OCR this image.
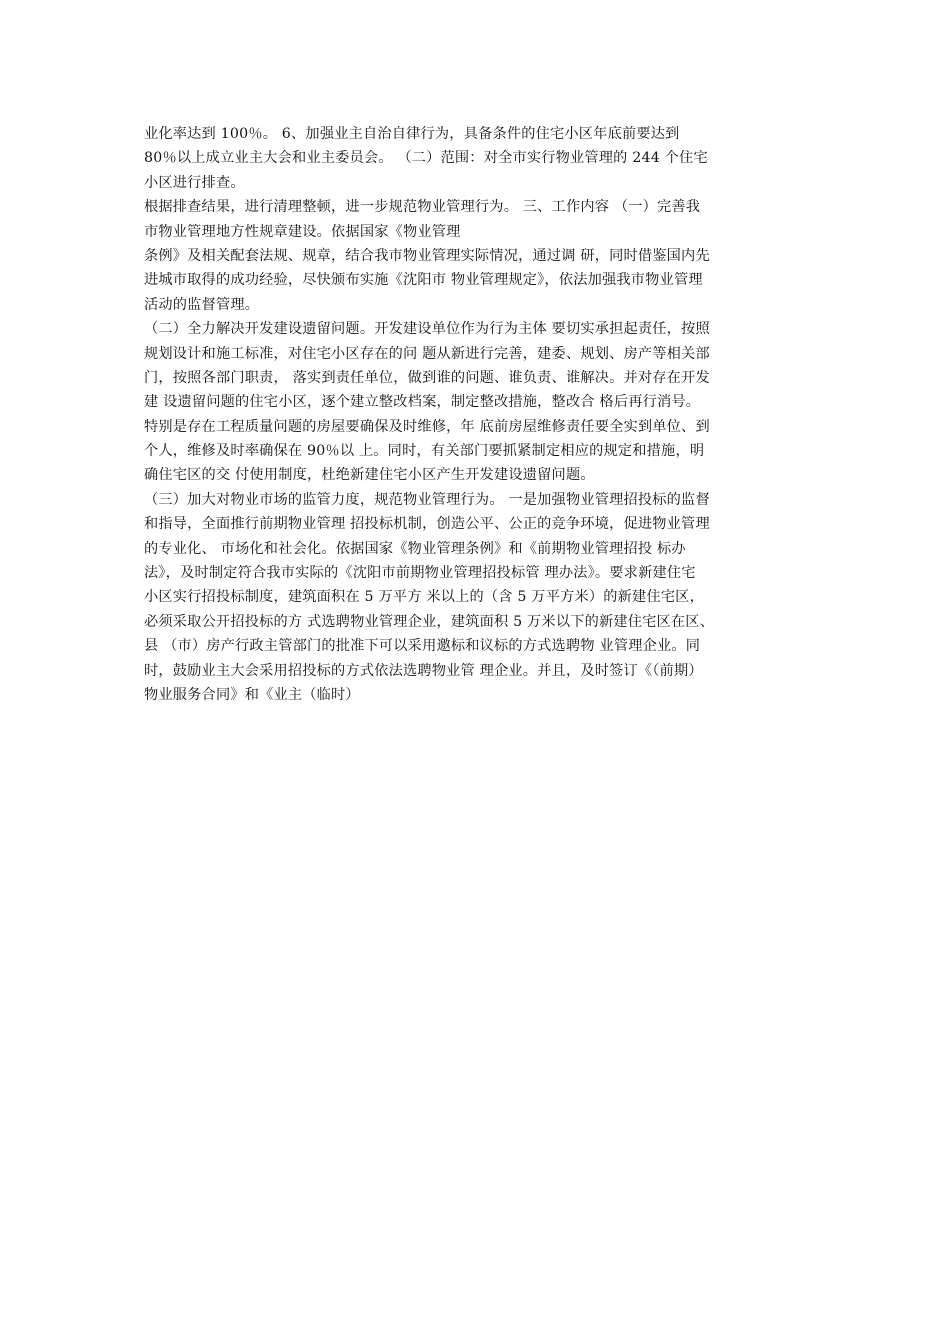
业化率达到 100％。 6、加强业主自治自律行为，具备条件的住宅小区年底前要达到
80％以上成立业主大会和业主委员会。 （二）范围：对全市实行物业管理的 244 个住宅
小区进行排查。
根据排查结果，进行清理整顿，进一步规范物业管理行为。 三、工作内容 （一）完善我
市物业管理地方性规章建设。依据国家《物业管理
条例》及相关配套法规、规章，结合我市物业管理实际情况，通过调 研，同时借鉴国内先
进城市取得的成功经验，尽快颁布实施《沈阳市 物业管理规定》，依法加强我市物业管理
活动的监督管理。
（二）全力解决开发建设遗留问题。开发建设单位作为行为主体 要切实承担起责任，按照
规划设计和施工标准，对住宅小区存在的问 题从新进行完善，建委、规划、房产等相关部
门，按照各部门职责， 落实到责任单位，做到谁的问题、谁负责、谁解决。并对存在开发
建 设遗留问题的住宅小区，逐个建立整改档案，制定整改措施，整改合 格后再行消号。
特别是存在工程质量问题的房屋要确保及时维修，年 底前房屋维修责任要全实到单位、到
个人，维修及时率确保在 90％以 上。同时，有关部门要抓紧制定相应的规定和措施，明
确住宅区的交 付使用制度，杜绝新建住宅小区产生开发建设遗留问题。
（三）加大对物业市场的监管力度，规范物业管理行为。 一是加强物业管理招投标的监督
和指导，全面推行前期物业管理 招投标机制，创造公平、公正的竞争环境，促进物业管理
的专业化、 市场化和社会化。依据国家《物业管理条例》和《前期物业管理招投 标办
法》，及时制定符合我市实际的《沈阳市前期物业管理招投标管 理办法》。要求新建住宅
小区实行招投标制度，建筑面积在 5 万平方 米以上的（含 5 万平方米）的新建住宅区，
必须采取公开招投标的方 式选聘物业管理企业，建筑面积 5 万米以下的新建住宅区在区、
县 （市）房产行政主管部门的批准下可以采用邀标和议标的方式选聘物 业管理企业。同
时，鼓励业主大会采用招投标的方式依法选聘物业管 理企业。并且，及时签订《（前期）
物业服务合同》和《业主（临时）
